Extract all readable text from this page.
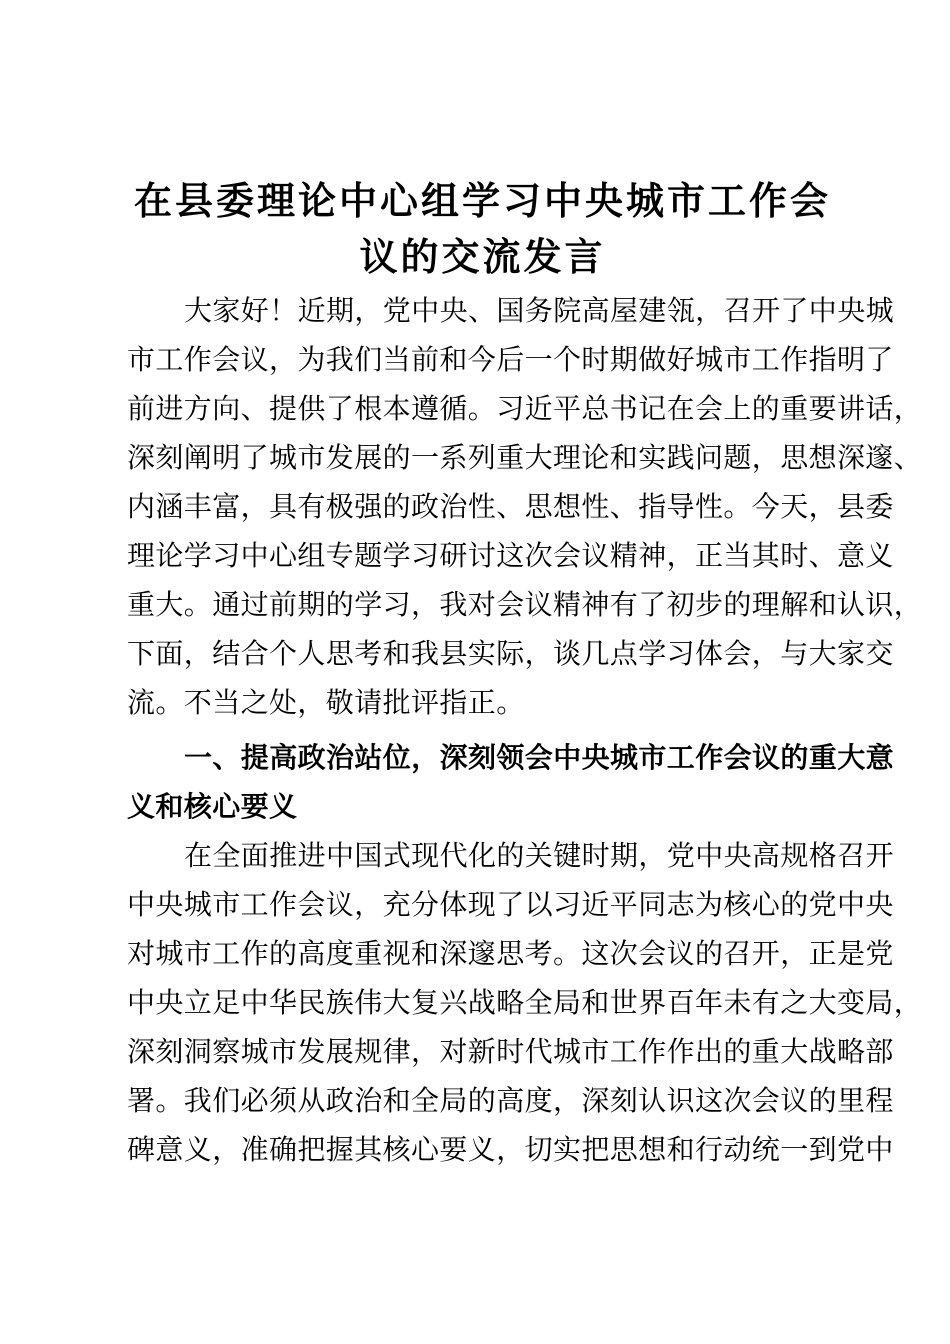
在县委理论中心组学习中央城市工作会
议的交流发言
大家好！近期，党中央、国务院高屋建瓴，召开了中央城
市工作会议，为我们当前和今后一个时期做好城市工作指明了
前进方向、提供了根本遵循。习近平总书记在会上的重要讲话，
深刻阐明了城市发展的一系列重大理论和实践问题，思想深邃、
内涵丰富，具有极强的政治性、思想性、指导性。今天，县委
理论学习中心组专题学习研讨这次会议精神，正当其时、意义
重大。通过前期的学习，我对会议精神有了初步的理解和认识，
下面，结合个人思考和我县实际，谈几点学习体会，与大家交
流。不当之处，敬请批评指正。
一、提高政治站位，深刻领会中央城市工作会议的重大意
义和核心要义
在全面推进中国式现代化的关键时期，党中央高规格召开
中央城市工作会议，充分体现了以习近平同志为核心的党中央
对城市工作的高度重视和深邃思考。这次会议的召开，正是党
中央立足中华民族伟大复兴战略全局和世界百年未有之大变局，
深刻洞察城市发展规律，对新时代城市工作作出的重大战略部
署。我们必须从政治和全局的高度，深刻认识这次会议的里程
碑意义，准确把握其核心要义，切实把思想和行动统一到党中
